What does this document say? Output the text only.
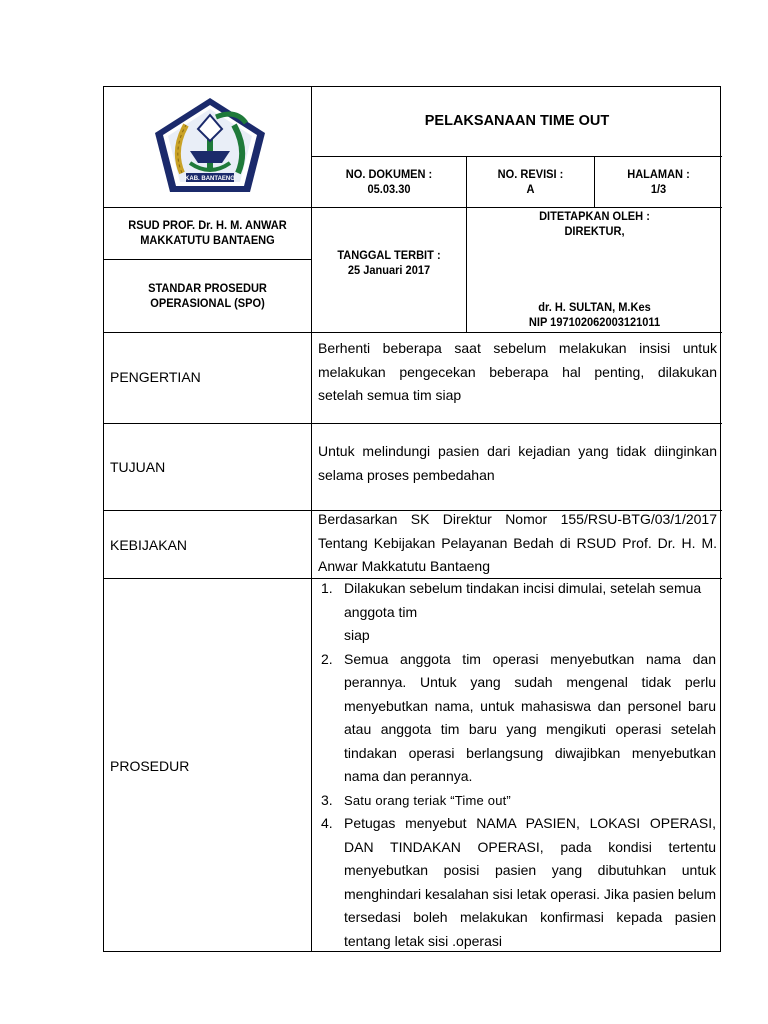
KAB. BANTAENG
PELAKSANAAN TIME OUT
NO. DOKUMEN :
05.03.30
NO. REVISI :
A
HALAMAN :
1/3
RSUD PROF. Dr. H. M. ANWAR
MAKKATUTU BANTAENG
STANDAR PROSEDUR
OPERASIONAL (SPO)
TANGGAL TERBIT :
25 Januari 2017
DITETAPKAN OLEH :
DIREKTUR,
dr. H. SULTAN, M.Kes
NIP 197102062003121011
PENGERTIAN
Berhenti beberapa saat sebelum melakukan insisi untuk melakukan pengecekan beberapa hal penting, dilakukan setelah semua tim siap
TUJUAN
Untuk melindungi pasien dari kejadian yang tidak diinginkan selama proses pembedahan
KEBIJAKAN
Berdasarkan SK Direktur Nomor 155/RSU-BTG/03/1/2017 Tentang Kebijakan Pelayanan Bedah di RSUD Prof. Dr. H. M. Anwar Makkatutu Bantaeng
PROSEDUR
1. Dilakukan sebelum tindakan incisi dimulai, setelah semua anggota tim
siap
2. Semua anggota tim operasi menyebutkan nama dan perannya. Untuk yang sudah mengenal tidak perlu menyebutkan nama, untuk mahasiswa dan personel baru atau anggota tim baru yang mengikuti operasi setelah tindakan operasi berlangsung diwajibkan menyebutkan nama dan perannya.
3. Satu orang teriak “Time out”
4. Petugas menyebut NAMA PASIEN, LOKASI OPERASI, DAN TINDAKAN OPERASI, pada kondisi tertentu menyebutkan posisi pasien yang dibutuhkan untuk menghindari kesalahan sisi letak operasi. Jika pasien belum tersedasi boleh melakukan konfirmasi kepada pasien tentang letak sisi .operasi
